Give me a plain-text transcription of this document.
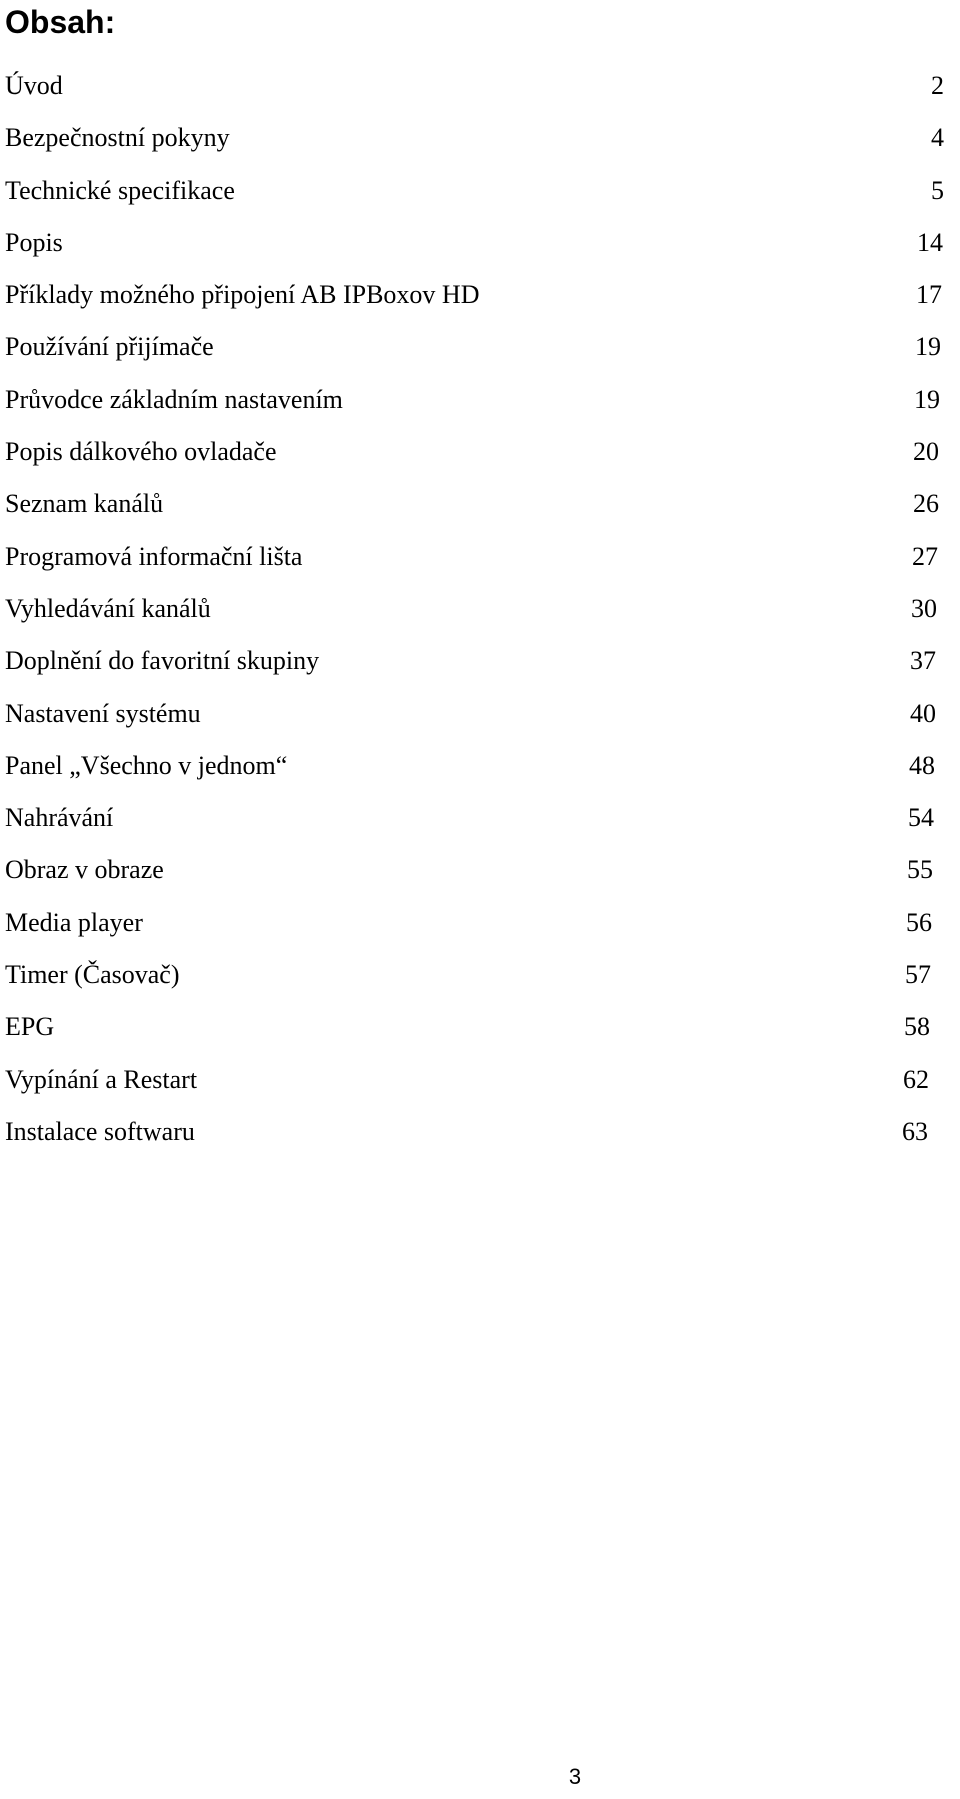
Obsah:
Úvod	2
Bezpečnostní pokyny	4
Technické specifikace	5
Popis	14
Příklady možného připojení AB IPBoxov HD	17
Používání přijímače	19
Průvodce základním nastavením	19
Popis dálkového ovladače	20
Seznam kanálů	26
Programová informační lišta	27
Vyhledávání kanálů	30
Doplnění do favoritní skupiny	37
Nastavení systému	40
Panel „Všechno v jednom“	48
Nahrávání	54
Obraz v obraze	55
Media player	56
Timer (Časovač)	57
EPG	58
Vypínání a Restart	62
Instalace softwaru	63
3
